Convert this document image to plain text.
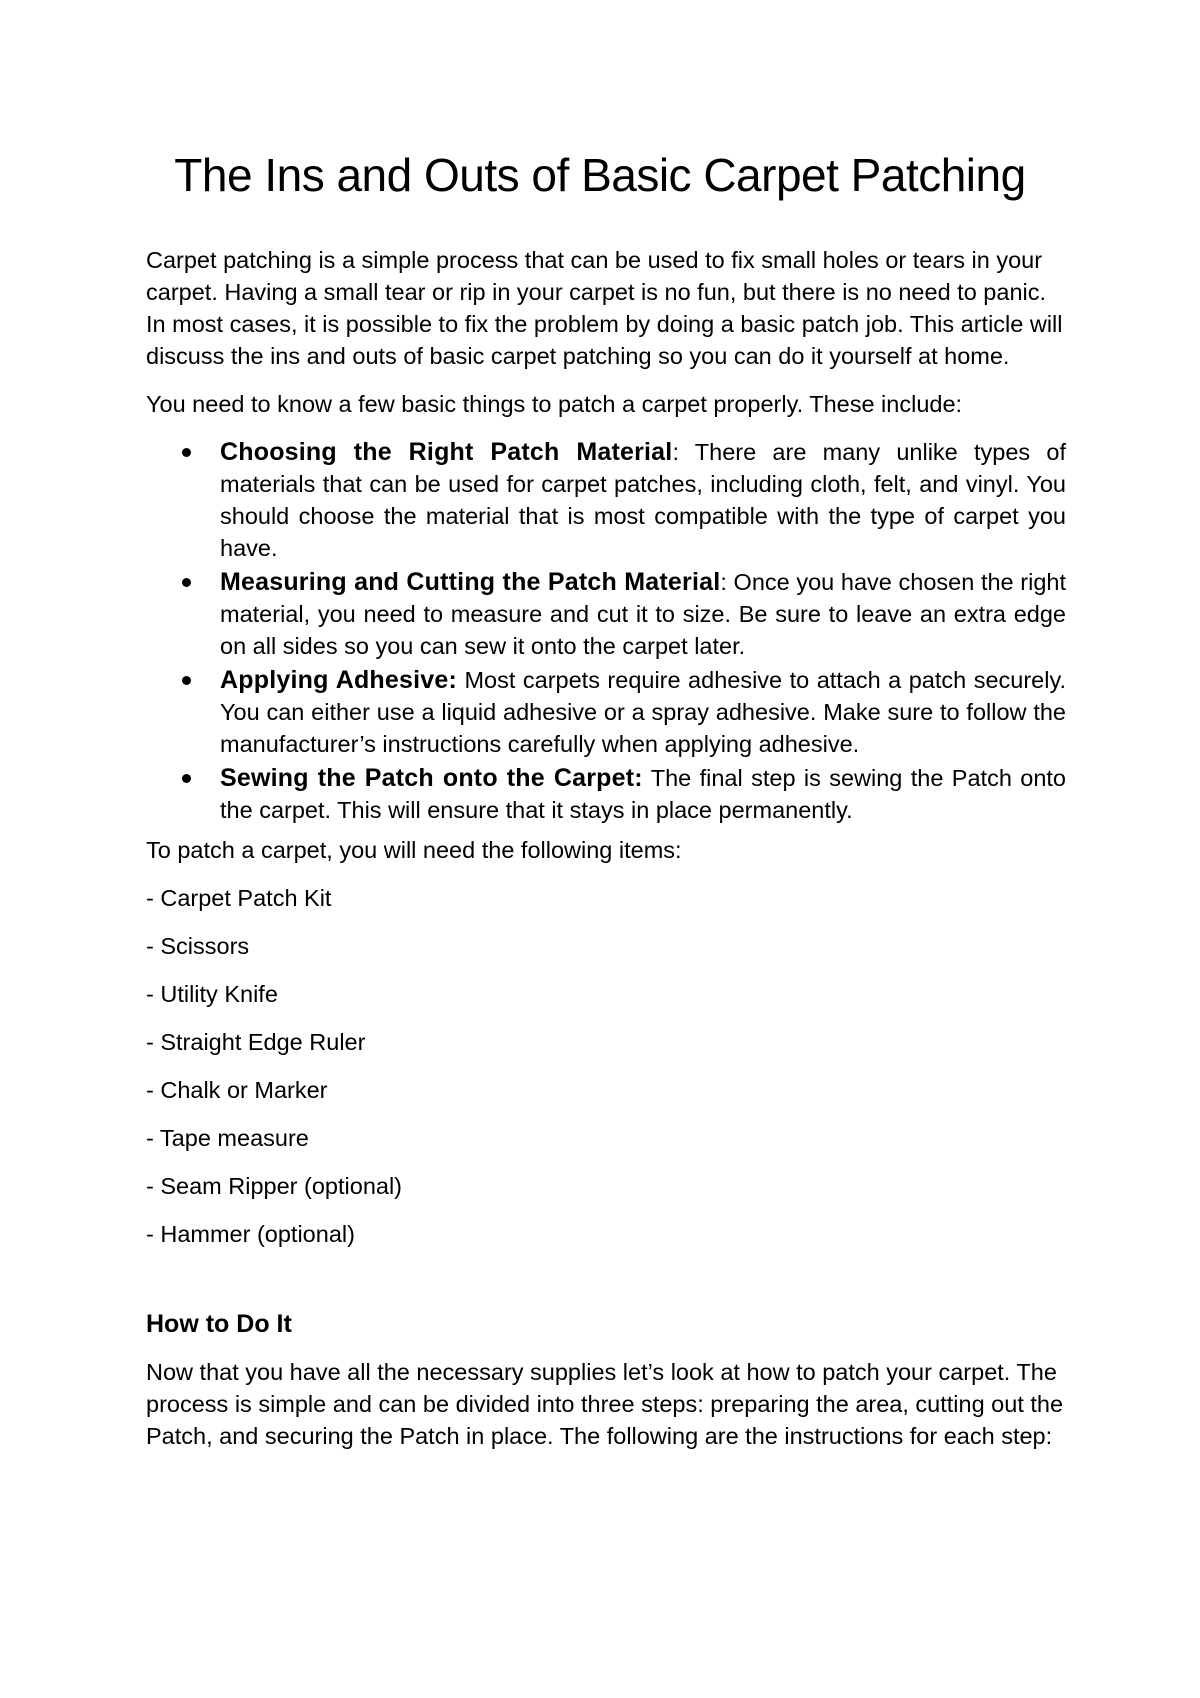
The Ins and Outs of Basic Carpet Patching

Carpet patching is a simple process that can be used to fix small holes or tears in your carpet. Having a small tear or rip in your carpet is no fun, but there is no need to panic. In most cases, it is possible to fix the problem by doing a basic patch job. This article will discuss the ins and outs of basic carpet patching so you can do it yourself at home.

You need to know a few basic things to patch a carpet properly. These include:

Choosing the Right Patch Material: There are many unlike types of materials that can be used for carpet patches, including cloth, felt, and vinyl. You should choose the material that is most compatible with the type of carpet you have.
Measuring and Cutting the Patch Material: Once you have chosen the right material, you need to measure and cut it to size. Be sure to leave an extra edge on all sides so you can sew it onto the carpet later.
Applying Adhesive: Most carpets require adhesive to attach a patch securely. You can either use a liquid adhesive or a spray adhesive. Make sure to follow the manufacturer’s instructions carefully when applying adhesive.
Sewing the Patch onto the Carpet: The final step is sewing the Patch onto the carpet. This will ensure that it stays in place permanently.

To patch a carpet, you will need the following items:

- Carpet Patch Kit

- Scissors

- Utility Knife

- Straight Edge Ruler

- Chalk or Marker

- Tape measure

- Seam Ripper (optional)

- Hammer (optional)

How to Do It

Now that you have all the necessary supplies let’s look at how to patch your carpet. The process is simple and can be divided into three steps: preparing the area, cutting out the Patch, and securing the Patch in place. The following are the instructions for each step:
